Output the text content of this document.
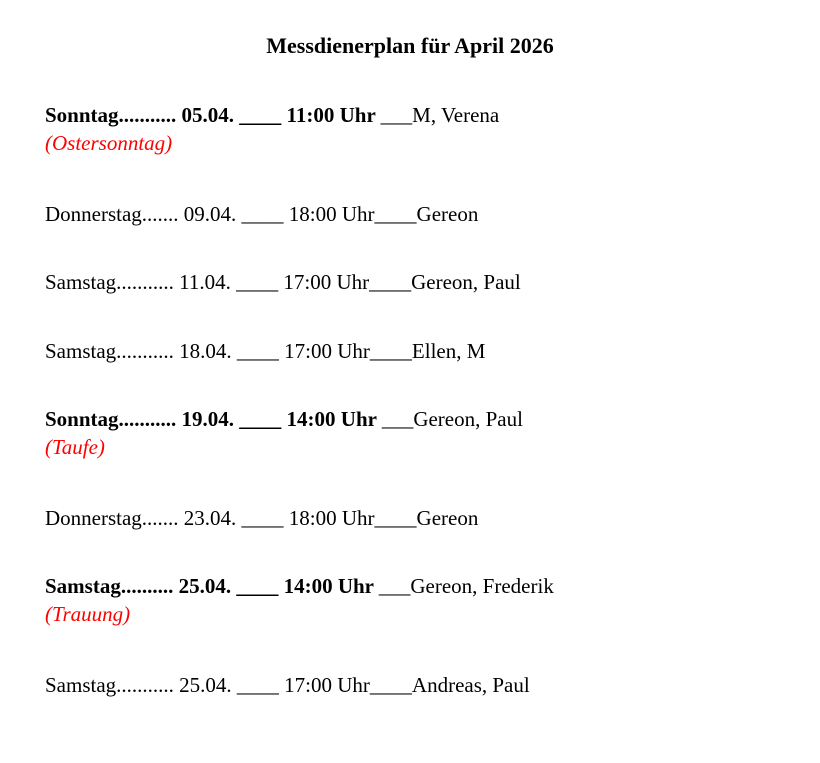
Messdienerplan für April 2026
Sonntag........... 05.04. ____ 11:00 Uhr ___M, Verena
(Ostersonntag)
Donnerstag....... 09.04. ____ 18:00 Uhr____Gereon
Samstag........... 11.04. ____ 17:00 Uhr____Gereon, Paul
Samstag........... 18.04. ____ 17:00 Uhr____Ellen, M
Sonntag........... 19.04. ____ 14:00 Uhr ___Gereon, Paul
(Taufe)
Donnerstag....... 23.04. ____ 18:00 Uhr____Gereon
Samstag.......... 25.04. ____ 14:00 Uhr ___Gereon, Frederik
(Trauung)
Samstag........... 25.04. ____ 17:00 Uhr____Andreas, Paul
